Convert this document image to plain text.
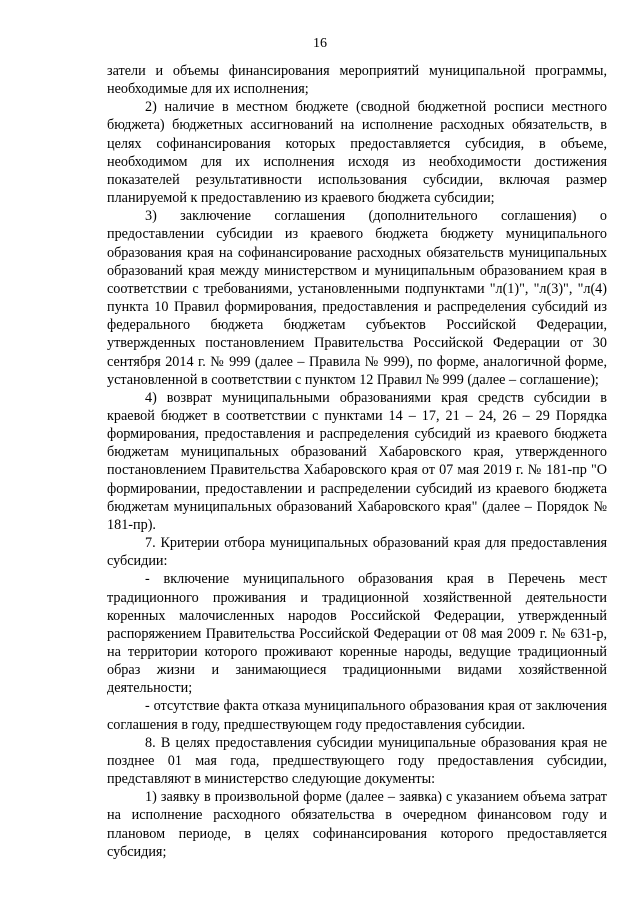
16

затели и объемы финансирования мероприятий муниципальной программы, необходимые для их исполнения;

2) наличие в местном бюджете (сводной бюджетной росписи местного бюджета) бюджетных ассигнований на исполнение расходных обязательств, в целях софинансирования которых предоставляется субсидия, в объеме, необходимом для их исполнения исходя из необходимости достижения показателей результативности использования субсидии, включая размер планируемой к предоставлению из краевого бюджета субсидии;

3) заключение соглашения (дополнительного соглашения) о предоставлении субсидии из краевого бюджета бюджету муниципального образования края на софинансирование расходных обязательств муниципальных образований края между министерством и муниципальным образованием края в соответствии с требованиями, установленными подпунктами "л(1)", "л(3)", "л(4) пункта 10 Правил формирования, предоставления и распределения субсидий из федерального бюджета бюджетам субъектов Российской Федерации, утвержденных постановлением Правительства Российской Федерации от 30 сентября 2014 г. № 999 (далее – Правила № 999), по форме, аналогичной форме, установленной в соответствии с пунктом 12 Правил № 999 (далее – соглашение);

4) возврат муниципальными образованиями края средств субсидии в краевой бюджет в соответствии с пунктами 14 – 17, 21 – 24, 26 – 29 Порядка формирования, предоставления и распределения субсидий из краевого бюджета бюджетам муниципальных образований Хабаровского края, утвержденного постановлением Правительства Хабаровского края от 07 мая 2019 г. № 181-пр "О формировании, предоставлении и распределении субсидий из краевого бюджета бюджетам муниципальных образований Хабаровского края" (далее – Порядок № 181-пр).

7. Критерии отбора муниципальных образований края для предоставления субсидии:

- включение муниципального образования края в Перечень мест традиционного проживания и традиционной хозяйственной деятельности коренных малочисленных народов Российской Федерации, утвержденный распоряжением Правительства Российской Федерации от 08 мая 2009 г. № 631-р, на территории которого проживают коренные народы, ведущие традиционный образ жизни и занимающиеся традиционными видами хозяйственной деятельности;

- отсутствие факта отказа муниципального образования края от заключения соглашения в году, предшествующем году предоставления субсидии.

8. В целях предоставления субсидии муниципальные образования края не позднее 01 мая года, предшествующего году предоставления субсидии, представляют в министерство следующие документы:

1) заявку в произвольной форме (далее – заявка) с указанием объема затрат на исполнение расходного обязательства в очередном финансовом году и плановом периоде, в целях софинансирования которого предоставляется субсидия;
